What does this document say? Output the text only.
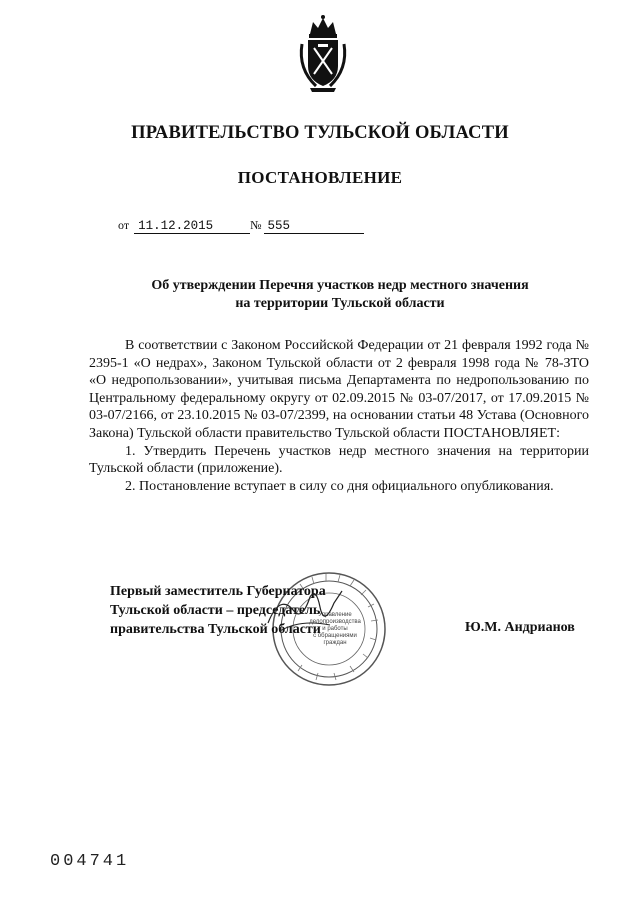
ПРАВИТЕЛЬСТВО ТУЛЬСКОЙ ОБЛАСТИ
ПОСТАНОВЛЕНИЕ
от 11.12.2015	№ 555
Об утверждении Перечня участков недр местного значения
на территории Тульской области

В соответствии с Законом Российской Федерации от 21 февраля 1992 года № 2395-1 «О недрах», Законом Тульской области от 2 февраля 1998 года № 78-ЗТО «О недропользовании», учитывая письма Департамента по недропользованию по Центральному федеральному округу от 02.09.2015 № 03-07/2017, от 17.09.2015 № 03-07/2166, от 23.10.2015 № 03-07/2399, на основании статьи 48 Устава (Основного Закона) Тульской области правительство Тульской области ПОСТАНОВЛЯЕТ:

1. Утвердить Перечень участков недр местного значения на территории Тульской области (приложение).

2. Постановление вступает в силу со дня официального опубликования.

Управление
делопроизводства
и работы
с обращениями
граждан
Первый заместитель Губернатора
Тульской области – председатель
правительства Тульской области	Ю.М. Андрианов
004741
